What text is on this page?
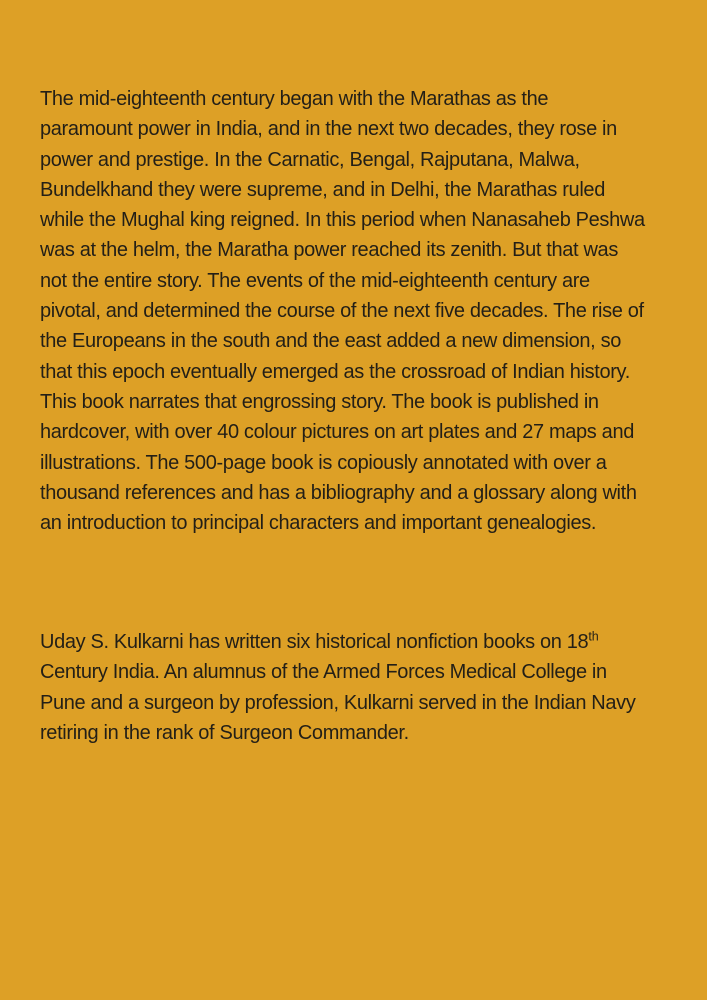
The mid-eighteenth century began with the Marathas as the
paramount power in India, and in the next two decades, they rose in
power and prestige. In the Carnatic, Bengal, Rajputana, Malwa,
Bundelkhand they were supreme, and in Delhi, the Marathas ruled
while the Mughal king reigned. In this period when Nanasaheb Peshwa
was at the helm, the Maratha power reached its zenith. But that was
not the entire story. The events of the mid-eighteenth century are
pivotal, and determined the course of the next five decades. The rise of
the Europeans in the south and the east added a new dimension, so
that this epoch eventually emerged as the crossroad of Indian history.
This book narrates that engrossing story. The book is published in
hardcover, with over 40 colour pictures on art plates and 27 maps and
illustrations. The 500-page book is copiously annotated with over a
thousand references and has a bibliography and a glossary along with
an introduction to principal characters and important genealogies.
Uday S. Kulkarni has written six historical nonfiction books on 18th
Century India. An alumnus of the Armed Forces Medical College in
Pune and a surgeon by profession, Kulkarni served in the Indian Navy
retiring in the rank of Surgeon Commander.
